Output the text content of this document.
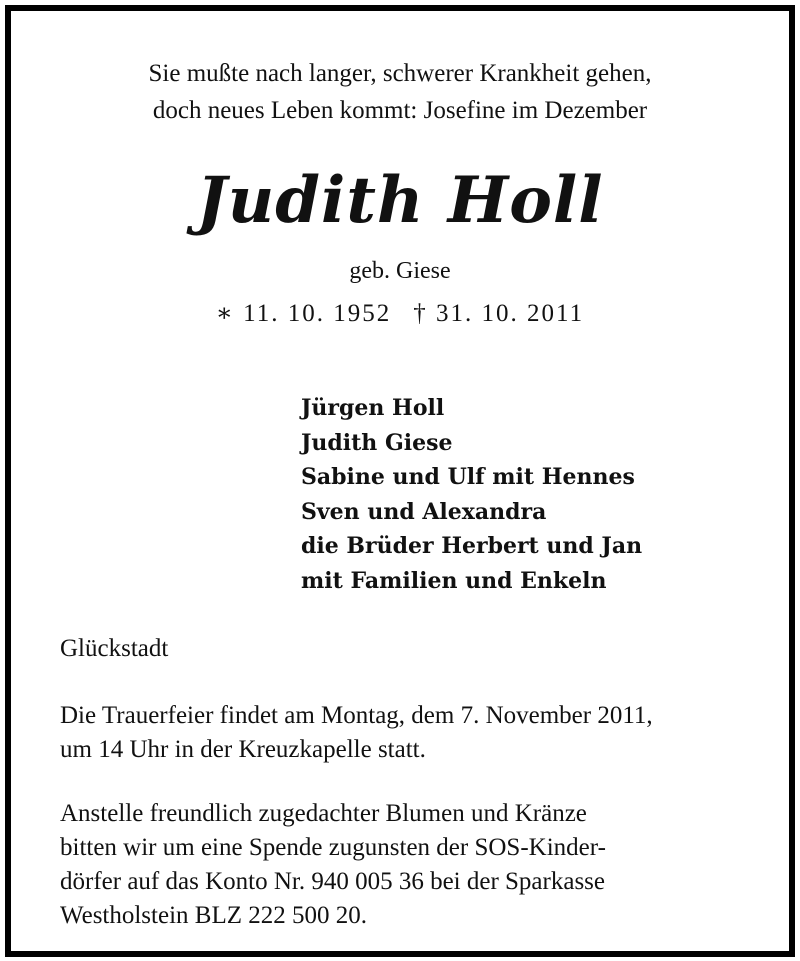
Sie mußte nach langer, schwerer Krankheit gehen,
doch neues Leben kommt: Josefine im Dezember
Judith Holl
geb. Giese
∗ 11. 10. 1952 † 31. 10. 2011
Jürgen Holl
Judith Giese
Sabine und Ulf mit Hennes
Sven und Alexandra
die Brüder Herbert und Jan
mit Familien und Enkeln
Glückstadt
Die Trauerfeier findet am Montag, dem 7. November 2011,
um 14 Uhr in der Kreuzkapelle statt.
Anstelle freundlich zugedachter Blumen und Kränze
bitten wir um eine Spende zugunsten der SOS-Kinder-
dörfer auf das Konto Nr. 940 005 36 bei der Sparkasse
Westholstein BLZ 222 500 20.
